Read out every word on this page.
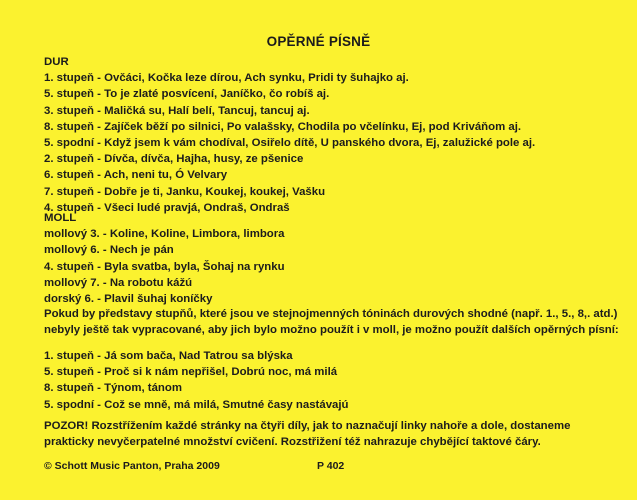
OPĚRNÉ PÍSNĚ
DUR
1. stupeň - Ovčáci, Kočka leze dírou, Ach synku, Pridi ty šuhajko aj.
5. stupeň - To je zlaté posvícení, Janíčko, čo robíš aj.
3. stupeň - Maličká su, Halí belí, Tancuj, tancuj aj.
8. stupeň - Zajíček běží po silnici, Po valašsky, Chodila po včelínku, Ej, pod Kriváňom aj.
5. spodní - Když jsem k vám chodíval, Osiřelo dítě, U panského dvora, Ej, zalužické pole aj.
2. stupeň - Dívča, dívča, Hajha, husy, ze pšenice
6. stupeň - Ach, neni tu, Ó Velvary
7. stupeň - Dobře je ti, Janku, Koukej, koukej, Vašku
4. stupeň - Všeci ludé pravjá, Ondraš, Ondraš
MOLL
mollový 3. - Koline, Koline, Limbora, limbora
mollový 6. - Nech je pán
4. stupeň - Byla svatba, byla, Šohaj na rynku
mollový 7. - Na robotu kážú
dorský 6. - Plavil šuhaj koníčky
Pokud by představy stupňů, které jsou ve stejnojmenných tóninách durových shodné (např. 1., 5., 8,. atd.)
nebyly ještě tak vypracované, aby jich bylo možno použít i v moll, je možno použít dalších opěrných písní:
1. stupeň - Já som bača, Nad Tatrou sa blýska
5. stupeň - Proč si k nám nepřišel, Dobrú noc, má milá
8. stupeň - Týnom, tánom
5. spodní - Což se mně, má milá, Smutné časy nastávajú
POZOR! Rozstřížením každé stránky na čtyři díly, jak to naznačují linky nahoře a dole, dostaneme
prakticky nevyčerpatelné množství cvičení. Rozstřižení též nahrazuje chybějící taktové čáry.
© Schott Music Panton, Praha 2009	P 402
